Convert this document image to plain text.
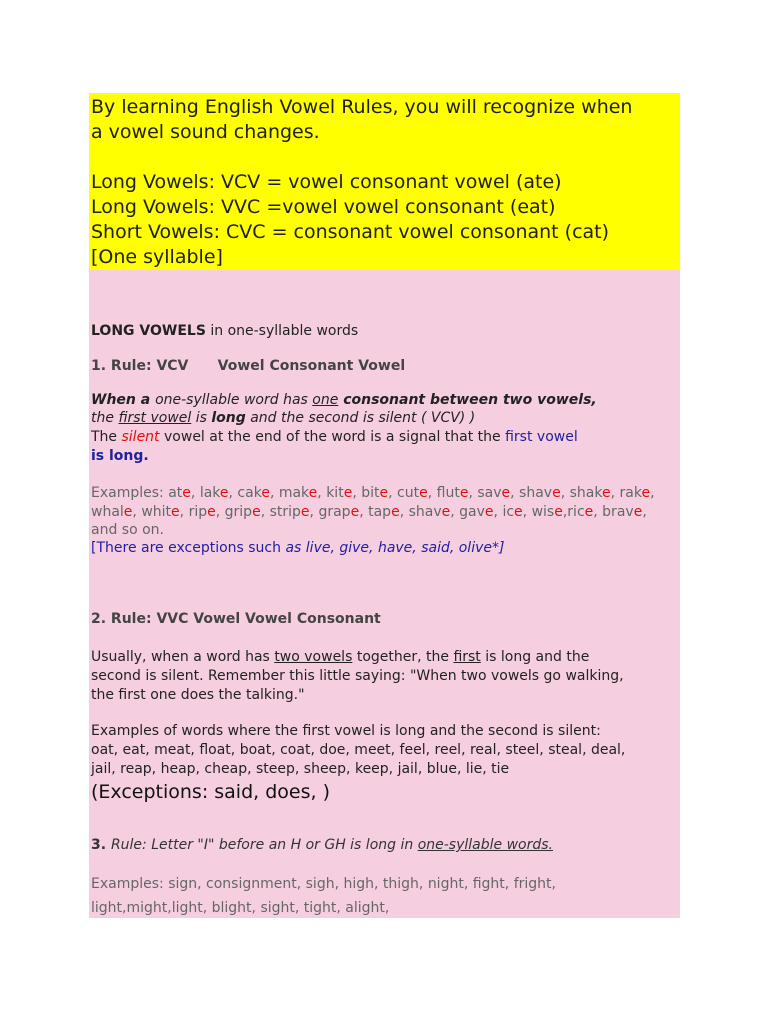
By learning English Vowel Rules, you will recognize when

a vowel sound changes.

Long Vowels: VCV = vowel consonant vowel (ate)

Long Vowels: VVC =vowel vowel consonant (eat)

Short Vowels: CVC = consonant vowel consonant (cat)

[One syllable]

LONG VOWELS in one-syllable words

1. Rule: VCV Vowel Consonant Vowel

When a one-syllable word has one consonant between two vowels,

the first vowel is long and the second is silent ( VCV) )

The silent vowel at the end of the word is a signal that the first vowel

is long.

Examples: ate, lake, cake, make, kite, bite, cute, flute, save, shave, shake, rake, whale, white, ripe, gripe, stripe, grape, tape, shave, gave, ice, wise,rice, brave, and so on.

[There are exceptions such as live, give, have, said, olive*]

2. Rule: VVC Vowel Vowel Consonant

Usually, when a word has two vowels together, the first is long and the

second is silent. Remember this little saying: "When two vowels go walking,

the first one does the talking."

Examples of words where the first vowel is long and the second is silent:

oat, eat, meat, float, boat, coat, doe, meet, feel, reel, real, steel, steal, deal,

jail, reap, heap, cheap, steep, sheep, keep, jail, blue, lie, tie

(Exceptions: said, does, )

3. Rule: Letter "I" before an H or GH is long in one-syllable words.

Examples: sign, consignment, sigh, high, thigh, night, fight, fright,

light,might,light, blight, sight, tight, alight,
